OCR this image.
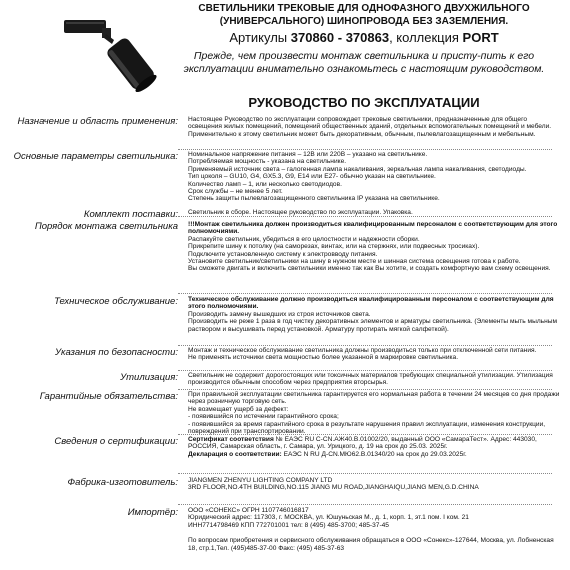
СВЕТИЛЬНИКИ ТРЕКОВЫЕ ДЛЯ ОДНОФАЗНОГО ДВУХЖИЛЬНОГО
(УНИВЕРСАЛЬНОГО) ШИНОПРОВОДА БЕЗ ЗАЗЕМЛЕНИЯ.
Артикулы 370860 - 370863, коллекция PORT
Прежде, чем произвести монтаж светильника и присту-пить к его эксплуатации внимательно ознакомьтесь с настоящим руководством.
РУКОВОДСТВО ПО ЭКСПЛУАТАЦИИ
Назначение и область применения: Настоящее Руководство по эксплуатации сопровождает трековые светильники, предназначенные для общего освещения жилых помещений, помещений общественных зданий, отдельных вспомогательных помещений и мебели. Применительно к этому светильник может быть декоративным, обычным, пылевлагозащищенным и мебельным.
Основные параметры светильника: Номинальное напряжение питания – 12В или 220В – указано на светильнике.

Потребляемая мощность - указана на светильнике.

Применяемый источник света – галогенная лампа накаливания, зеркальная лампа накаливания, светодиоды.

Тип цоколя – GU10, G4, GX5.3, G9, E14 или E27- обычно указан на светильнике.

Количество ламп – 1, или несколько светодиодов.

Срок службы – не менее 5 лет.

Степень защиты пылевлагозащищенного светильника IP указана на светильнике.

Комплект поставки: Светильник в сборе. Настоящее руководство по эксплуатации. Упаковка.
Порядок монтажа светильника !!!Монтаж светильника должен производиться квалифицированным персоналом с соответствующим для этого полномочиями.

Распакуйте светильник, убедиться в его целостности и надежности сборки.

Прикрепите шину к потолку (на саморезах, винтах, или на стержнях, или подвесных тросиках).

Подключите установленную систему к электровводу питания.

Установите светильник/светильники на шину в нужном месте и шинная система освещения готова к работе.

Вы сможете двигать и включить светильники именно так как Вы хотите, и создать комфортную вам схему освещения.

Техническое обслуживание: Техническое обслуживание должно производиться квалифицированным персоналом с соответствующим для этого полномочиями.

Производить замену вышедших из строя источников света.

Производить не реже 1 раза в год чистку декоративных элементов и арматуры светильника. (Элементы мыть мыльным раствором и высушивать перед установкой. Арматуру протирать мягкой салфеткой).

Указания по безопасности: Монтаж и техническое обслуживание светильника должны производиться только при отключенной сети питания.

Не применять источники света мощностью более указанной в маркировке светильника.

Утилизация: Светильник не содержит дорогостоящих или токсичных материалов требующих специальной утилизации. Утилизация производится обычным способом через предприятия вторсырья.
Гарантийные обязательства: При правильной эксплуатации светильника гарантируется его нормальная работа в течении 24 месяцев со дня продажи через розничную торговую сеть.

Не возмещает ущерб за дефект:

- появившийся по истечении гарантийного срока;

- появившийся за время гарантийного срока в результате нарушения правил эксплуатации, изменения конструкции, повреждений при транспортировании.

Сведения о сертификации: Сертификат соответствия № ЕАЭС RU C-CN.АЖ40.В.01002/20, выданный ООО «СамараТест». Адрес: 443030, РОССИЯ, Самарская область, г. Самара, ул. Урицкого, д. 19 на срок до 25.03. 2025г.

Декларация о соответствии: ЕАЭС N RU Д-CN.МЮ62.В.01340/20 на срок до 29.03.2025г.

Фабрика-изготовитель: JIANGMEN ZHENYU LIGHTING COMPANY LTD

3RD FLOOR,NO.4TH BUILDING,NO.115 JIANG MU ROAD,JIANGHAIQU,JIANG MEN,G.D.CHINA

Импортёр: ООО «СОНЕКС» ОГРН 1107746016817

Юридический адрес: 117303, г. МОСКВА, ул. Юшуньская М., д. 1, корп. 1, эт.1 пом. I ком. 21

ИНН7714798469 КПП 772701001 тел: 8 (495) 485-3700; 485-37-45

По вопросам приобретения и сервисного обслуживания обращаться в ООО «Сонекс»-127644, Москва, ул. Лобненская 18, стр.1,Тел. (495)485-37-00 Факс: (495) 485-37-63
